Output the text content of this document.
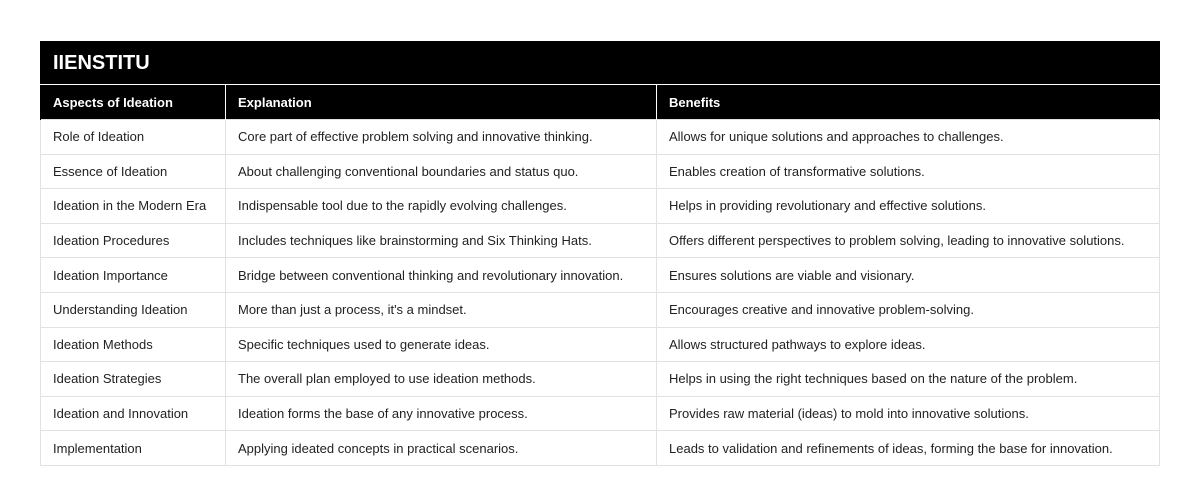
IIENSTITU		
Aspects of Ideation	Explanation	Benefits
Role of Ideation	Core part of effective problem solving and innovative thinking.	Allows for unique solutions and approaches to challenges.
Essence of Ideation	About challenging conventional boundaries and status quo.	Enables creation of transformative solutions.
Ideation in the Modern Era	Indispensable tool due to the rapidly evolving challenges.	Helps in providing revolutionary and effective solutions.
Ideation Procedures	Includes techniques like brainstorming and Six Thinking Hats.	Offers different perspectives to problem solving, leading to innovative solutions.
Ideation Importance	Bridge between conventional thinking and revolutionary innovation.	Ensures solutions are viable and visionary.
Understanding Ideation	More than just a process, it's a mindset.	Encourages creative and innovative problem-solving.
Ideation Methods	Specific techniques used to generate ideas.	Allows structured pathways to explore ideas.
Ideation Strategies	The overall plan employed to use ideation methods.	Helps in using the right techniques based on the nature of the problem.
Ideation and Innovation	Ideation forms the base of any innovative process.	Provides raw material (ideas) to mold into innovative solutions.
Implementation	Applying ideated concepts in practical scenarios.	Leads to validation and refinements of ideas, forming the base for innovation.
